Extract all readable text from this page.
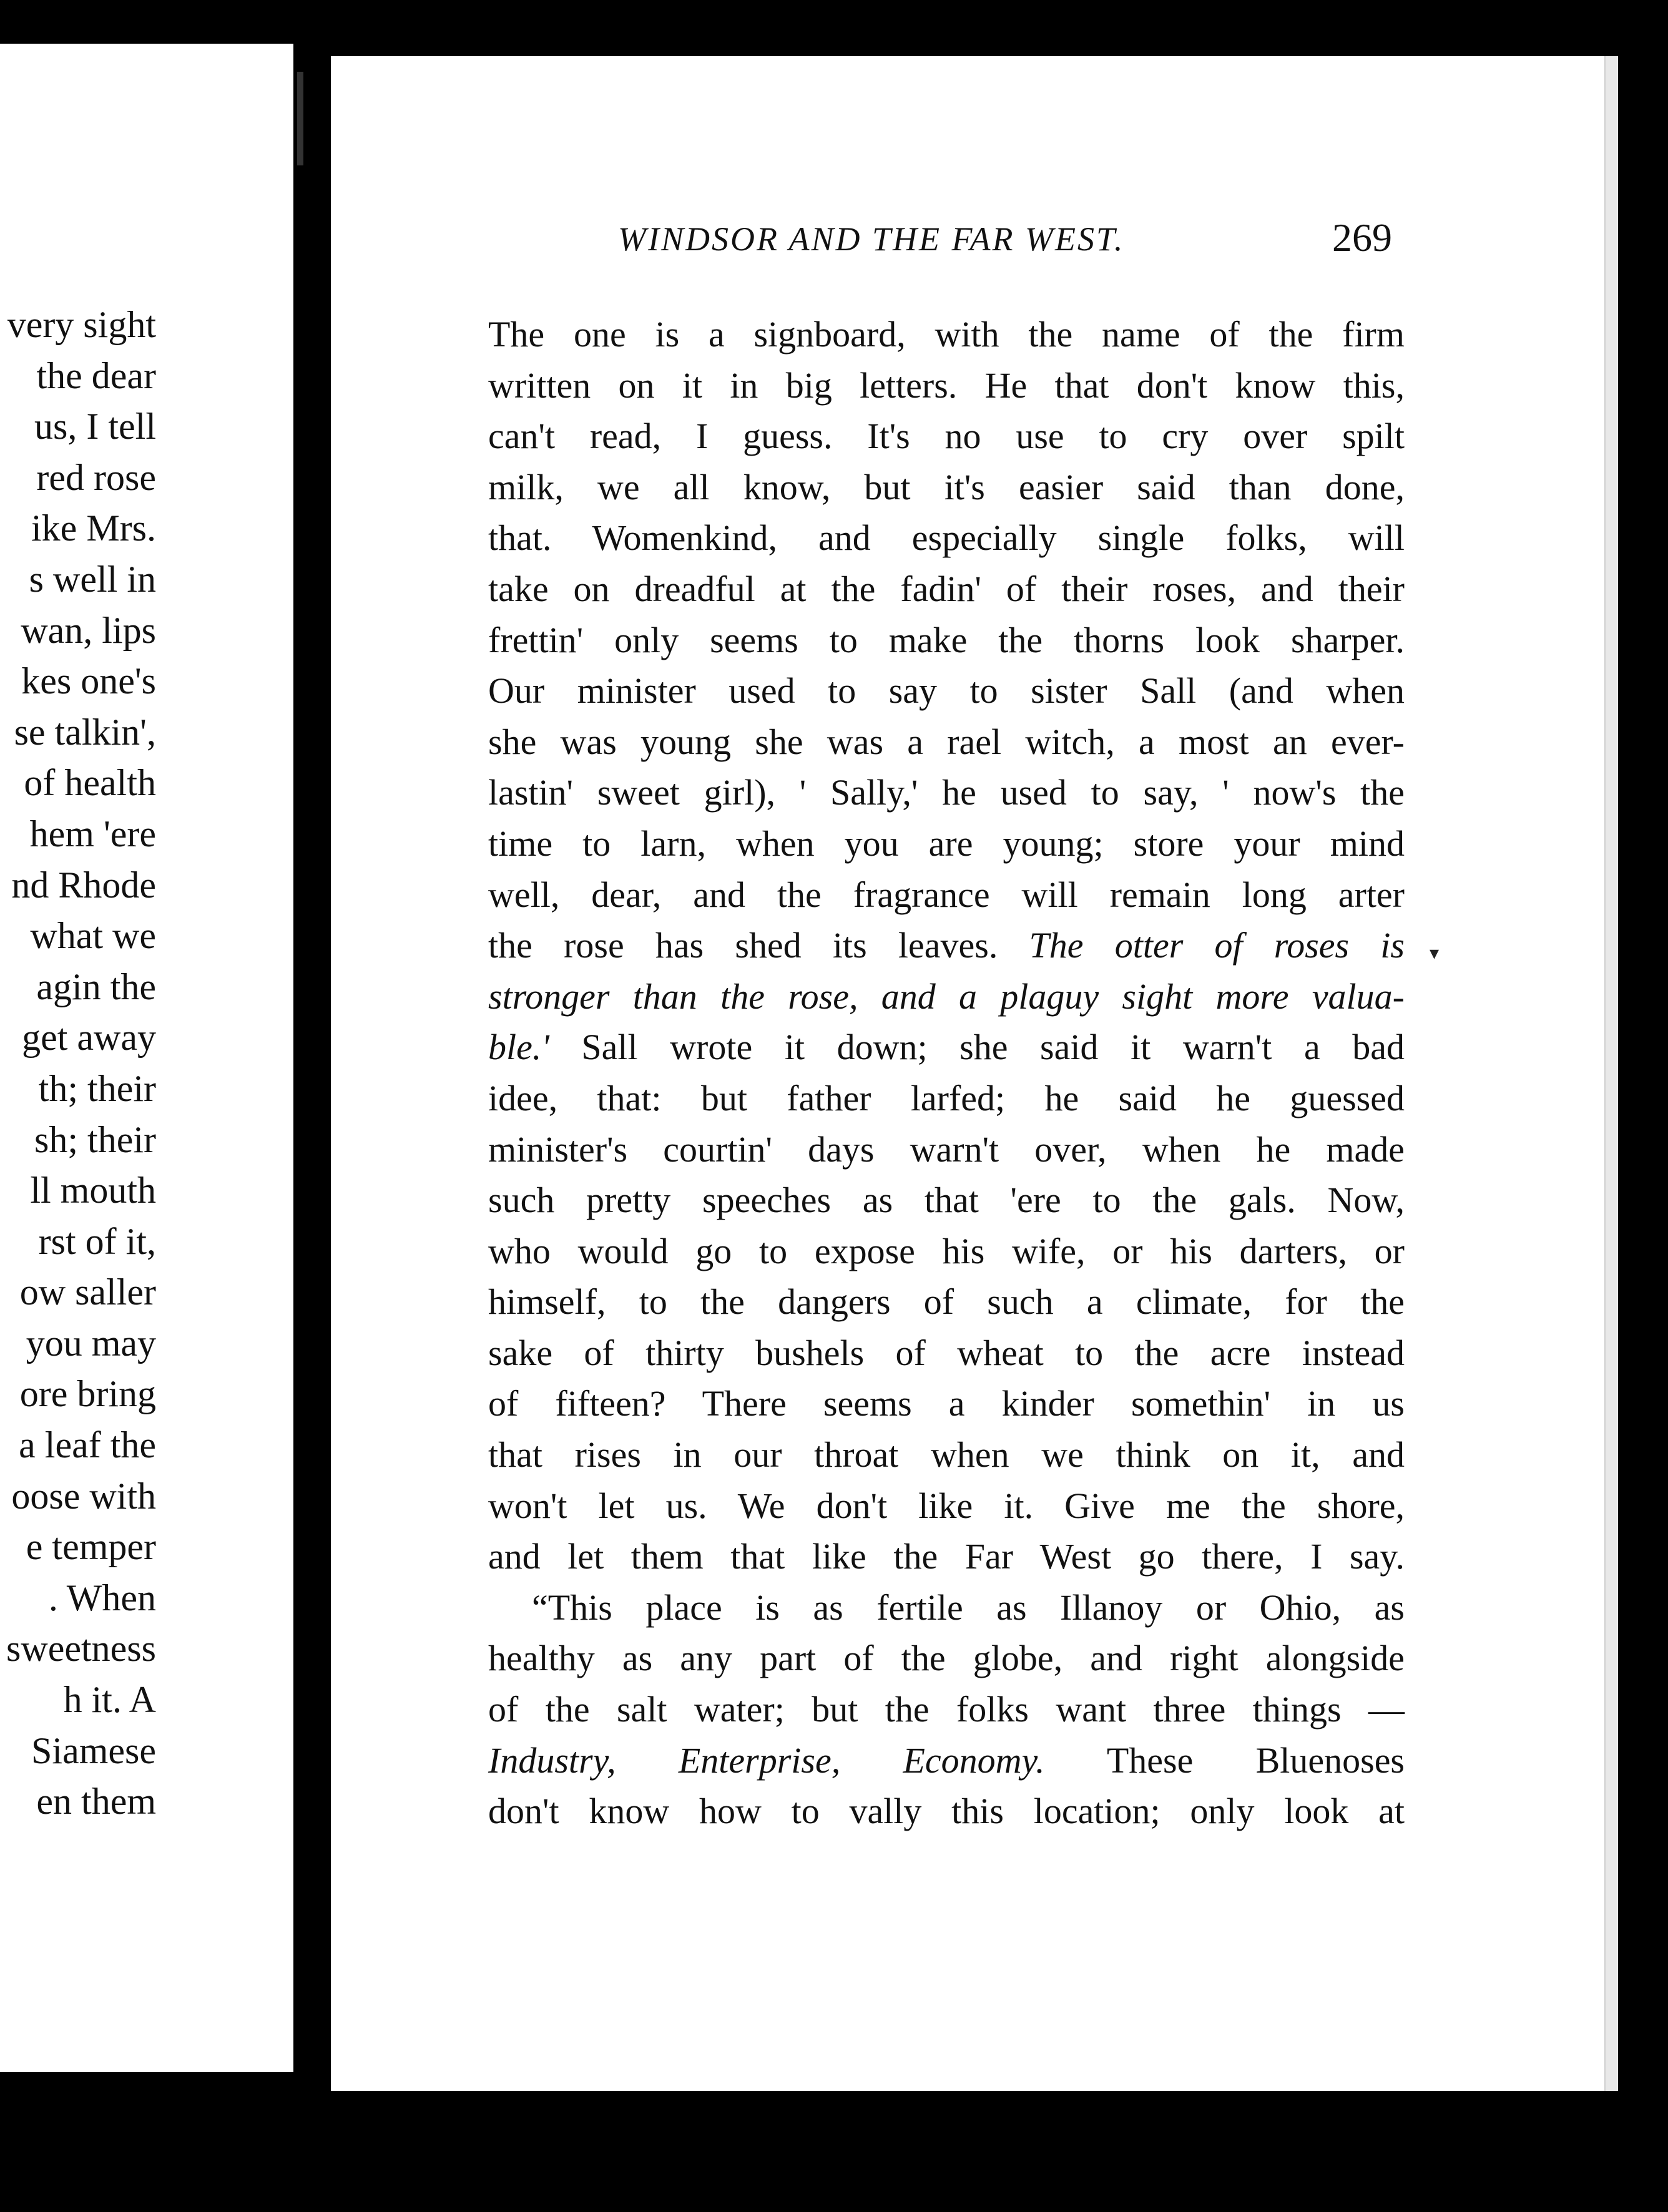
very sight
the dear
us, I tell
red rose
ike Mrs.
s well in
wan, lips
kes one's
se talkin',
of health
hem 'ere
nd Rhode
what we
agin the
get away
th; their
sh; their
ll mouth
rst of it,
ow saller
you may
ore bring
a leaf the
oose with
e temper
. When
sweetness
h it. A
Siamese
en them
WINDSOR AND THE FAR WEST.	269
The one is a signboard, with the name of the firm
written on it in big letters. He that don't know this,
can't read, I guess. It's no use to cry over spilt
milk, we all know, but it's easier said than done,
that. Womenkind, and especially single folks, will
take on dreadful at the fadin' of their roses, and their
frettin' only seems to make the thorns look sharper.
Our minister used to say to sister Sall (and when
she was young she was a rael witch, a most an ever-
lastin' sweet girl), ' Sally,' he used to say, ' now's the
time to larn, when you are young; store your mind
well, dear, and the fragrance will remain long arter
the rose has shed its leaves. The otter of roses is
stronger than the rose, and a plaguy sight more valua-
ble.' Sall wrote it down; she said it warn't a bad
idee, that: but father larfed; he said he guessed
minister's courtin' days warn't over, when he made
such pretty speeches as that 'ere to the gals. Now,
who would go to expose his wife, or his darters, or
himself, to the dangers of such a climate, for the
sake of thirty bushels of wheat to the acre instead
of fifteen? There seems a kinder somethin' in us
that rises in our throat when we think on it, and
won't let us. We don't like it. Give me the shore,
and let them that like the Far West go there, I say.
“This place is as fertile as Illanoy or Ohio, as
healthy as any part of the globe, and right alongside
of the salt water; but the folks want three things —
Industry, Enterprise, Economy. These Bluenoses
don't know how to vally this location; only look at
▾
